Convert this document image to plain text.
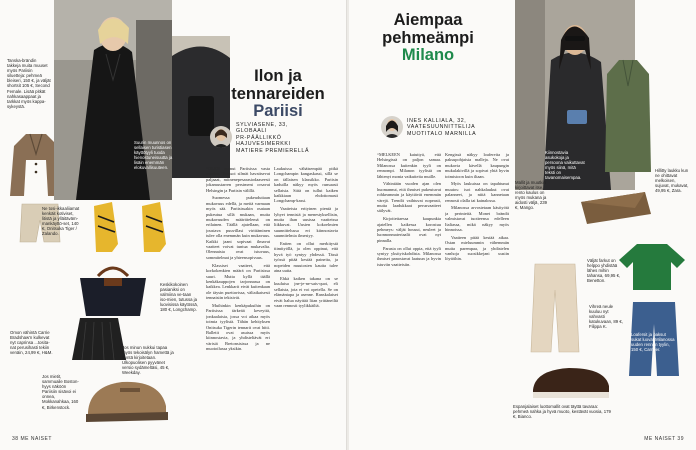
Tanska-brändin takkeja muita muuset myös Pariisin siluetteja: pehmeä bleiseri, 150 €, ja väljät shortsit 105 €, Second Female. Lisää pitkät nahkasaappaat ja tarkkat myös kappa-sykeystä.
Suurin muunnos on sellaisen turistiasen käyttötyyli tuoda hienostuneisuutta ja lisäin enemmän elokuvallisuuteen.
Ne tosi-ikkaaliiamat kenkäit kotiviset, litistä ja ylläitäväm-mankäyttö-set, 140 €, Onitsuka Tiger / Zalando.
Keskikokoinen pasianiksi on valmiina ve-taan iso-mien, tutussa ja luovisissa käytössä, 180 €, Longchamp.
Omon vähintä Carrie Bradshaw'n kulkevat nyt caprinsa ...tosita-nat perusihasti tekiin venäin, 24,99 €, H&M.
Jos minun nukkui tapaa myös tekoisälyn hamettä ja illyntä kirjoitetaan. Ulkopuolisen pyyvänet versio sydämeltäsi, 45 €, Weekday.
Jos mietit, sammuaile Boston-hyys näköön Pariisiin sisävoi ei onnea, Mokkanahkaa, 160 €, Birkenstock.
Ilon ja
tennareiden
Pariisi
SYLVIASENE, 33,
GLOBAALI
PR-PÄÄLLIKKÖ
HAJUVESIMERKKI
MATIERE PREMIERELLÄ

“OLEN asunut Pariisissa vasta vuoden. Tuossoi silmät havaitsevat paljaaat, mitnenepesarasiodaaseesti jokamustarren persiment orsavat Helsingin ja Pariisin välillä.

Suomessa pukeuduttaan mukavuus edellä, ja meitä varmaan myös sää. Pariisissakin osataan pukeutua sillä mukaan, mutta mukavuuden määrittelemä on erilainen. Täällä ajatellaan, että joustava puuvillasi virittäminen tulee olla enemmän kuin mukavuus. Kaikki jaant sopivaat ilmavat vaatteet voivat tuntua mukavalta. Olennaista ovat istuvuus, sommitelmat ja yhteensopivuus.

Klassiset vaatteet, että korkokenkien määrä on Pariisissa suuri. Mutta kyllä täällä kenkäkauppojen tarjonnassa on kaikkea. Lenkkarit eivät kuitenkaan ole täysin puettavissa, väliaikaisesti tennaisiin tekisivät.

Muihinkin kenkäpukuihin on Pariisissa tärkeää keveyttä, jonkaalaisia, jossa voi aikaa myös toimia tyylistä. Tähän kehityksen Onitsuka Tigerin tennarit ovat hitti. Balletit ovat asuissa myös kiinnostavia, ja yhdisteltävät eri värisiä Bretonsisissa ja ne muotoilussa yksikin.

Laukuissa vähäisempää pitkä Longchampin kangaskassi, sillä se on tällaisen klassikko. Pariisin kaduilla näkyy myös runsaasti sellaisia. Siitä on tullut kaiken kaikkiaan ehdottomasti Longchamp-kassi.

Vaatteista erityinen pientä ja lyhyet tennisiä ja menestyksellisin, mutta ihan uusissa vaatteissa liikkuvat. Uusien kokoelmien suunnittelussa eri kiinnostavia suunnitelmia ilmestyy.

Eniten on ollut merkitystä tiimityöllä, ja olen oppinut, että hyvä työ syntyy yhdessä. Tässä työssä pitää kestää paineita, ja nopeiden muutosten kautta tulee aina uutta.

Ehkä kaiken takana on se kuuluisa jne-je-ne-sais-quoi, eli sellaista, jota ei voi opetella. Se on elämäntapa ja asenne. Ranskalaiset eivät halua näyttää liian yrittäneiltä vaan rennosti tyylikkäiltä.

38 ME NAISET
Aiempaa
pehmeämpi
Milano
INES KALLIALA, 32,
VAATESUUNNITTELIJA
MUOTITALO MARNILLA

“MELKEEN kaiuttyä, että Helsingissä on paljon samaa. Milanossa kuitenkin tyyli on rennompi. Milanon tyylistä on lähtenyt monia vaikutteita muille.

Vähintään vuoden ajan olen huomannut, että ihmiset pukeutuvat rohkeammin ja käyttävät enemmän värejä. Trendit vaihtuvat nopeasti, mutta laadukkaat perusvaatteet säilyvät.

Kirjoitettaessa kaupunkia ajatellen kaikessa korostuu pehmeys: väljät housut, neuleet ja luonnonmateriaalit ovat nyt pinnalla.

Parasta on ollut oppia, että tyyli syntyy yksityiskohdista. Milanossa ihmiset panostavat laatuun ja hyvin istuviin vaatteisiin.

Kengissä näkyy loafereita ja paksupohjaisia malleja. Ne ovat mukavia kävellä kaupungin mukulakivillä ja sopivat yhtä hyvin toimistoon kuin iltaan.

Myös laukuissa on tapahtunut muutos: isot nahkalaukut ovat palanneet, ja niitä kannetaan rennosti olalla tai kainalossa.

Milanossa arvostetaan käsityötä ja perinteitä. Monet brändit valmistavat tuotteensa edelleen Italiassa, mikä näkyy myös hinnoissa.

Vaatteen pitää kestää aikaa. Ostan mieluummin vähemmän mutta parempaa, ja yhdistelen vanhoja suosikkejani uusiin löytöihin.

Kiinnostavia asukokoja ja persoona vaikuttavat myös siinä, mitä teksti on tavanomaisempaa.
Mallit ja muutkin kirjoittavat itse, rento kaulus on myös mukana ja aidosti väljä, 239 €, Mango.
Hillitty laukku kun ne ohittavat melkoisen, sujuvat, mukavat, 49,95 €, Zara.
Väljät farkut on helppo yhdistää lähes mihin tahansa, 69,95 €, Benetton.
Vihreä neule kuuluu nyt vahvasti katukuvaan, 89 €, Filippa K.
Loafersit ja paksut sukat luovat Milanossa uuden rennon tyylin, 150 €, Camper.
Espanjalaiset luottomallit ovat täyttä tavaraa: pehmeä nahka ja hyvä muoto, kestävät vuosia, 179 €, Bianco.
ME NAISET 39
